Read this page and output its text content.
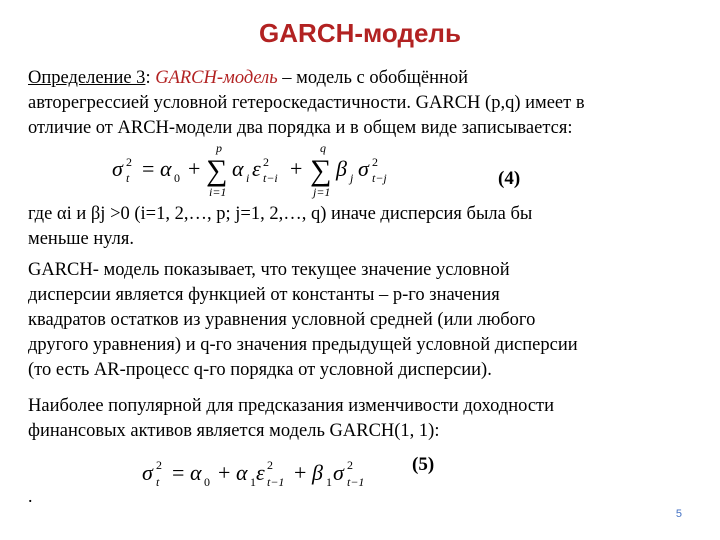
GARCH-модель
Определение 3: GARCH-модель – модель с обобщённой
авторегрессией условной гетероскедастичности. GARCH (p,q) имеет в
отличие от ARCH-модели два порядка и в общем виде записывается:
σ t
2 = α 0 + ∑
p
i=1
α i ε t−i
2 + ∑
q
j=1
β j σ t−j
2
(4)
где αi и βj >0 (i=1, 2,…, p; j=1, 2,…, q) иначе дисперсия была бы
меньше нуля.
GARCH- модель показывает, что текущее значение условной
дисперсии является функцией от константы – p-го значения
квадратов остатков из уравнения условной средней (или любого
другого уравнения) и q-го значения предыдущей условной дисперсии
(то есть AR-процесс q-го порядка от условной дисперсии).
Наиболее популярной для предсказания изменчивости доходности
финансовых активов является модель GARCH(1, 1):
σ t
2 = α 0 + α 1 ε t−1
2 + β 1 σ t−1
2	(5)
.
5
